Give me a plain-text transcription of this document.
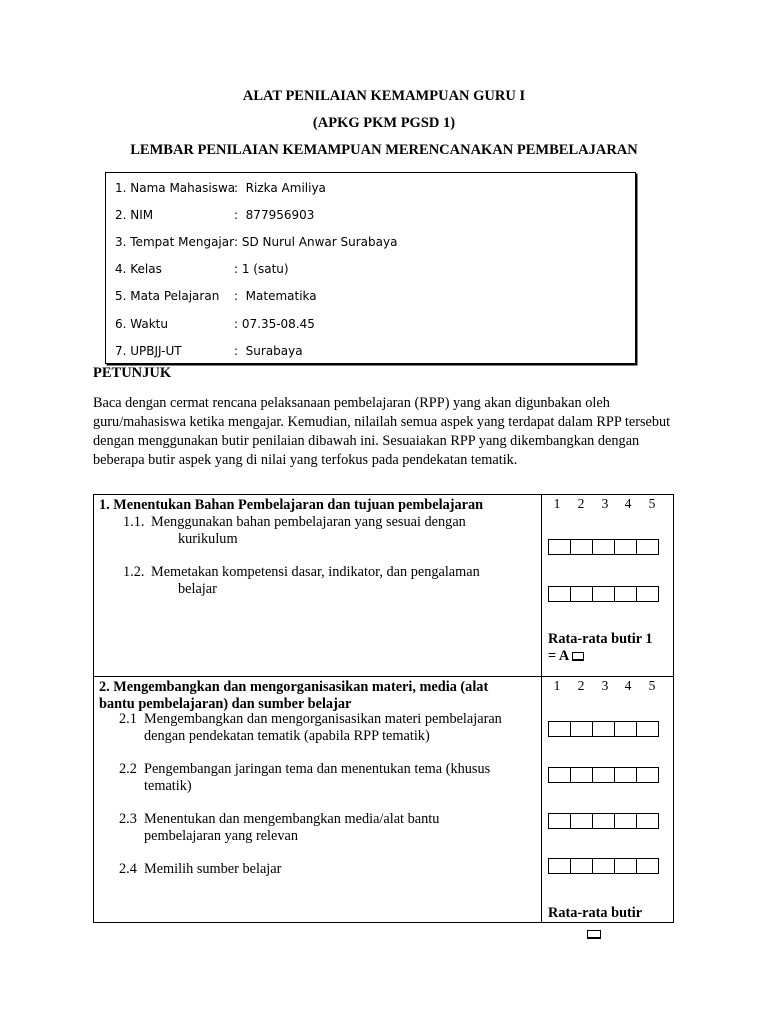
ALAT PENILAIAN KEMAMPUAN GURU I
(APKG PKM PGSD 1)
LEMBAR PENILAIAN KEMAMPUAN MERENCANAKAN PEMBELAJARAN

1. Nama Mahasiswa

:  Rizka Amiliya

2. NIM

	:  877956903

3. Tempat Mengajar

: SD Nurul Anwar Surabaya

4. Kelas

	: 1 (satu)

5. Mata Pelajaran

:  Matematika

6. Waktu

	: 07.35-08.45

7. UPBJJ-UT

	:  Surabaya

PETUNJUK
Baca dengan cermat rencana pelaksanaan pembelajaran (RPP) yang akan digunbakan oleh guru/mahasiswa ketika mengajar. Kemudian, nilailah semua aspek yang terdapat dalam RPP tersebut dengan menggunakan butir penilaian dibawah ini. Sesuaiakan RPP yang dikembangkan dengan beberapa butir aspek yang di nilai yang terfokus pada pendekatan tematik.
1. Menentukan Bahan Pembelajaran dan tujuan pembelajaran
1.1. Menggunakan bahan pembelajaran yang sesuai dengan
kurikulum
1.2. Memetakan kompetensi dasar, indikator, dan pengalaman
belajar
1 2 3 4 5
Rata-rata butir 1
= A
2. Mengembangkan dan mengorganisasikan materi, media (alat
bantu pembelajaran) dan sumber belajar
2.1 Mengembangkan dan mengorganisasikan materi pembelajaran
dengan pendekatan tematik (apabila RPP tematik)
2.2 Pengembangan jaringan tema dan menentukan tema (khusus
tematik)
2.3 Menentukan dan mengembangkan media/alat bantu
pembelajaran yang relevan
2.4 Memilih sumber belajar
1 2 3 4 5
Rata-rata butir
